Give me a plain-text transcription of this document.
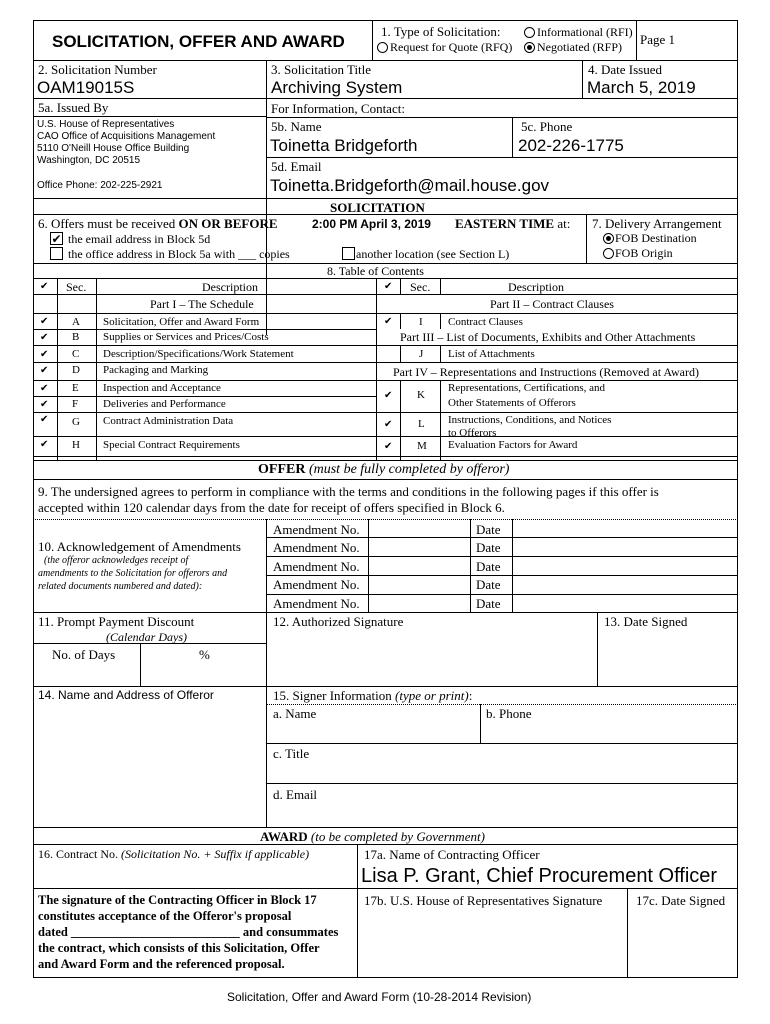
SOLICITATION, OFFER AND AWARD
1. Type of Solicitation:	Informational (RFI)
Request for Quote (RFQ) Negotiated (RFP) Page 1
2. Solicitation Number
OAM19015S
3. Solicitation Title
Archiving System
4. Date Issued
March 5, 2019
5a. Issued By
U.S. House of Representatives
CAO Office of Acquisitions Management
5110 O'Neill House Office Building
Washington, DC 20515
Office Phone: 202-225-2921
For Information, Contact:
5b. Name
Toinetta Bridgeforth
5c. Phone
202-226-1775
5d. Email
Toinetta.Bridgeforth@mail.house.gov
SOLICITATION
6. Offers must be received ON OR BEFORE	2:00 PM April 3, 2019 EASTERN TIME at:
✔ the email address in Block 5d
the office address in Block 5a with ___ copies	another location (see Section L)
7. Delivery Arrangement
FOB Destination
FOB Origin
8. Table of Contents
✔ Sec.	Description	✔ Sec.	Description
Part I – The Schedule	Part II – Contract Clauses
✔ A Solicitation, Offer and Award Form
✔ B Supplies or Services and Prices/Costs
✔ C Description/Specifications/Work Statement
✔ D Packaging and Marking
✔ E Inspection and Acceptance
✔ F Deliveries and Performance
✔ G Contract Administration Data
✔ H Special Contract Requirements
✔ I Contract Clauses
Part III – List of Documents, Exhibits and Other Attachments
J List of Attachments
Part IV – Representations and Instructions (Removed at Award)
✔ K
Representations, Certifications, and
Other Statements of Offerors
✔ L Instructions, Conditions, and Notices
to Offerors
✔ M Evaluation Factors for Award
OFFER (must be fully completed by offeror)
9. The undersigned agrees to perform in compliance with the terms and conditions in the following pages if this offer is
accepted within 120 calendar days from the date for receipt of offers specified in Block 6.
10. Acknowledgement of Amendments
(the offeror acknowledges receipt of
amendments to the Solicitation for offerors and
related documents numbered and dated):
Amendment No.	Date
Amendment No.	Date
Amendment No.	Date
Amendment No.	Date
Amendment No.	Date
11. Prompt Payment Discount
(Calendar Days)
No. of Days	%
12. Authorized Signature	13. Date Signed
14. Name and Address of Offeror	15. Signer Information (type or print):
a. Name	b. Phone
c. Title
d. Email
AWARD (to be completed by Government)
16. Contract No. (Solicitation No. + Suffix if applicable)	17a. Name of Contracting Officer
Lisa P. Grant, Chief Procurement Officer
The signature of the Contracting Officer in Block 17
constitutes acceptance of the Offeror's proposal
dated ___________________________ and consummates
the contract, which consists of this Solicitation, Offer
and Award Form and the referenced proposal.
17b. U.S. House of Representatives Signature	17c. Date Signed
Solicitation, Offer and Award Form (10-28-2014 Revision)
